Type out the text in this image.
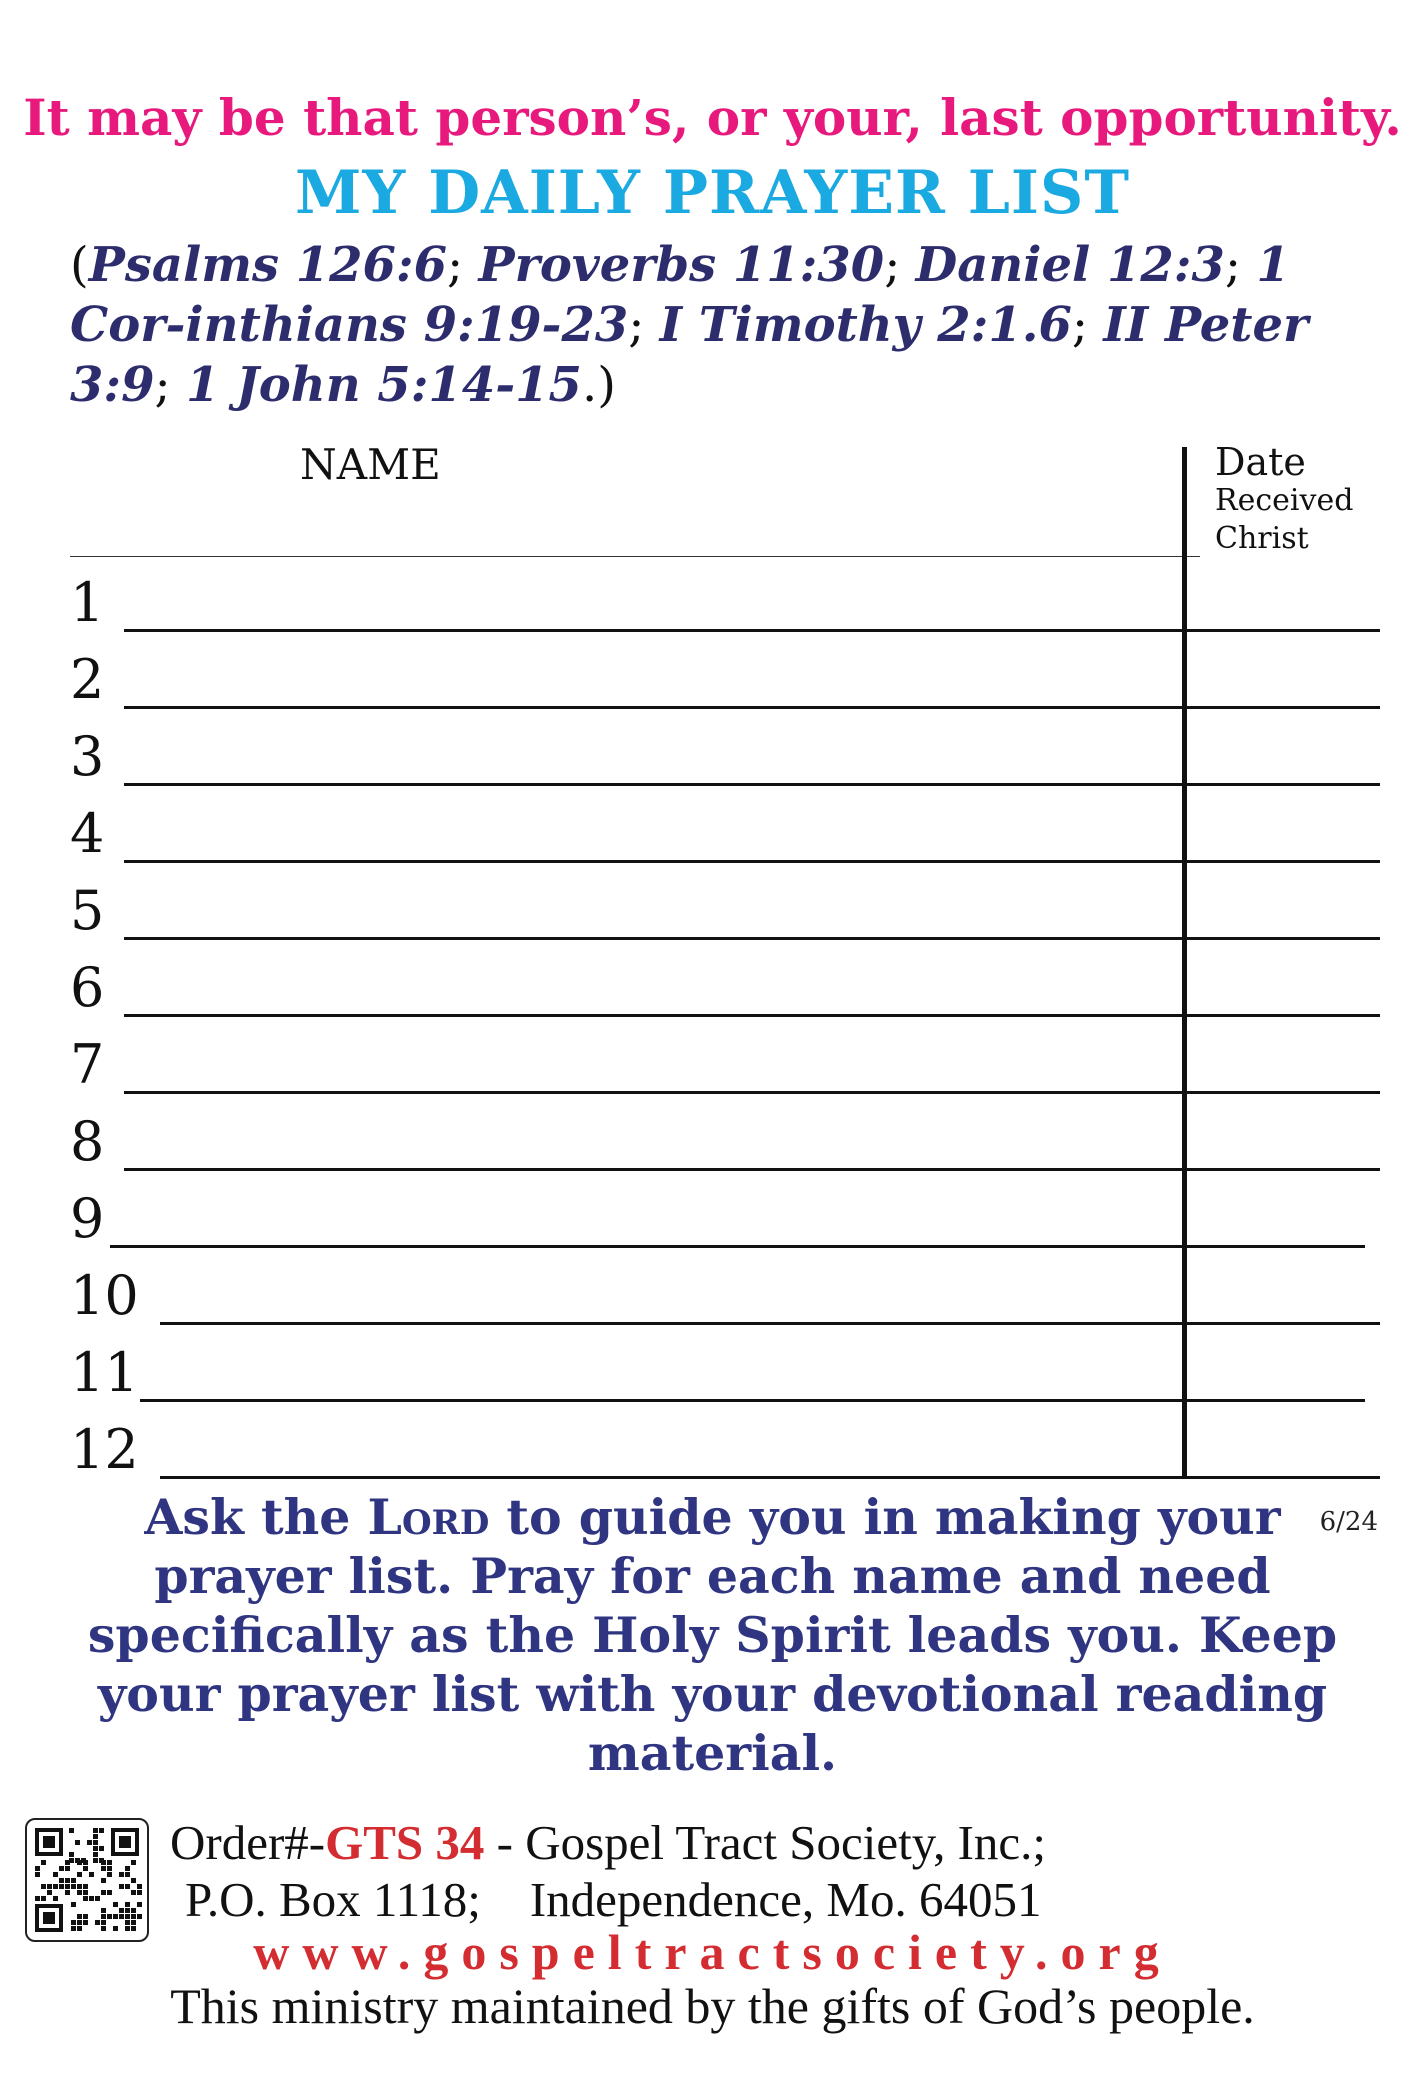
It may be that person’s, or your, last opportunity.
MY DAILY PRAYER LIST
(Psalms 126:6; Proverbs 11:30; Daniel 12:3; 1 Cor-inthians 9:19-23; I Timothy 2:1.6; II Peter 3:9; 1 John 5:14-15.)
NAME	Date
Received
Christ
1
2
3
4
5
6
7
8
9
10
11
12
Ask the Lord to guide you in making your prayer list. Pray for each name and need specifically as the Holy Spirit leads you. Keep your prayer list with your devotional reading material.
6/24
Order#-GTS 34 - Gospel Tract Society, Inc.;
P.O. Box 1118;    Independence, Mo. 64051
www.gospeltractsociety.org
This ministry maintained by the gifts of God’s people.
